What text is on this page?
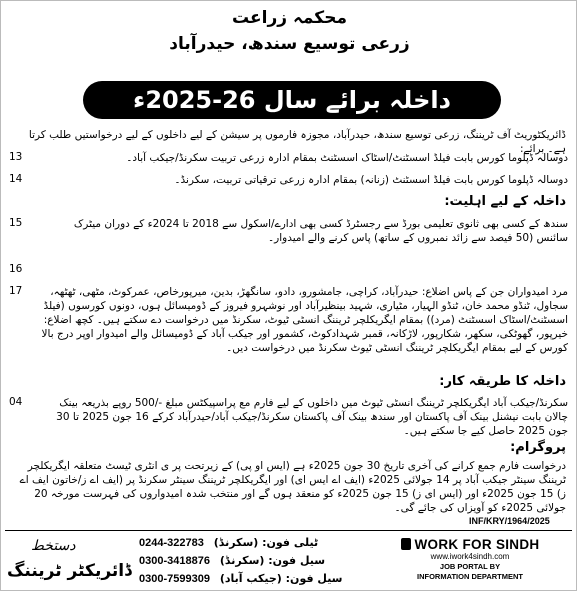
محکمہ زراعت
زرعی توسیع سندھ، حیدرآباد
داخلہ برائے سال 26-2025ء
ڈائریکٹوریٹ آف ٹریننگ، زرعی توسیع سندھ، حیدرآباد، مجوزہ فارموں پر سیشن کے لیے داخلوں کے لیے درخواستیں طلب کرتا ہے۔ برائے:
13	دوسالہ ڈپلوما کورس بابت فیلڈ اسسٹنٹ/اسٹاک اسسٹنٹ بمقام ادارہ زرعی تربیت سکرنڈ/جیکب آباد۔
14	دوسالہ ڈپلوما کورس بابت فیلڈ اسسٹنٹ (زنانہ) بمقام ادارہ زرعی ترقیاتی تربیت، سکرنڈ۔
داخلہ کے لیے اہلیت:
15	سندھ کے کسی بھی ثانوی تعلیمی بورڈ سے رجسٹرڈ کسی بھی ادارے/اسکول سے 2018 تا 2024ء کے دوران میٹرک سائنس (50 فیصد سے زائد نمبروں کے ساتھ) پاس کرنے والے امیدوار۔
16
17	مرد امیدواران جن کے پاس اضلاع: حیدرآباد، کراچی، جامشورو، دادو، سانگھڑ، بدین، میرپورخاص، عمرکوٹ، مٹھی، ٹھٹھہ، سجاول، ٹنڈو محمد خان، ٹنڈو الہیار، مٹیاری، شہید بینظیرآباد اور نوشہرو فیروز کے ڈومیسائل ہوں، دونوں کورسوں (فیلڈ اسسٹنٹ/اسٹاک اسسٹنٹ (مرد)) بمقام ایگریکلچر ٹریننگ انسٹی ٹیوٹ، سکرنڈ میں درخواست دے سکتے ہیں۔ کچھ اضلاع: خیرپور، گھوٹکی، سکھر، شکارپور، لاڑکانہ، قمبر شہدادکوٹ، کشمور اور جیکب آباد کے ڈومیسائل والے امیدوار اوپر درج بالا کورس کے لیے بمقام ایگریکلچر ٹریننگ انسٹی ٹیوٹ سکرنڈ میں درخواست دیں۔
داخلہ کا طریقہ کار:
04	سکرنڈ/جیکب آباد ایگریکلچر ٹریننگ انسٹی ٹیوٹ میں داخلوں کے لیے فارم مع پراسپیکٹس مبلغ -/500 روپے بذریعہ بینک چالان بابت نیشنل بینک آف پاکستان اور سندھ بینک آف پاکستان سکرنڈ/جیکب آباد/حیدرآباد کرکے 16 جون 2025 تا 30 جون 2025 حاصل کیے جا سکتے ہیں۔
پروگرام:
درخواست فارم جمع کرانے کی آخری تاریخ 30 جون 2025ء ہے (ایس او پی) کے زیرتحت پر ی انٹری ٹیسٹ متعلقہ ایگریکلچر ٹریننگ سینٹر جیکب آباد پر 14 جولائی 2025ء (ایف اے ایس ای) اور ایگریکلچر ٹریننگ سینٹر سکرنڈ پر (ایف اے ز/خاتون ایف اے ز) 15 جون 2025ء اور (ایس ای ز) 15 جون 2025ء کو منعقد ہوں گے اور منتخب شدہ امیدواروں کی فہرست مورخہ 20 جولائی 2025ء کو آویزاں کی جائے گی۔
INF/KRY/1964/2025
دستخط
ڈائریکٹر ٹریننگ
0244-322783 ٹیلی فون: (سکرنڈ)
0300-3418876 سیل فون: (سکرنڈ)
0300-7599309 سیل فون: (جیکب آباد)
WORK FOR SINDH
www.iwork4sindh.com
JOB PORTAL BY
INFORMATION DEPARTMENT
